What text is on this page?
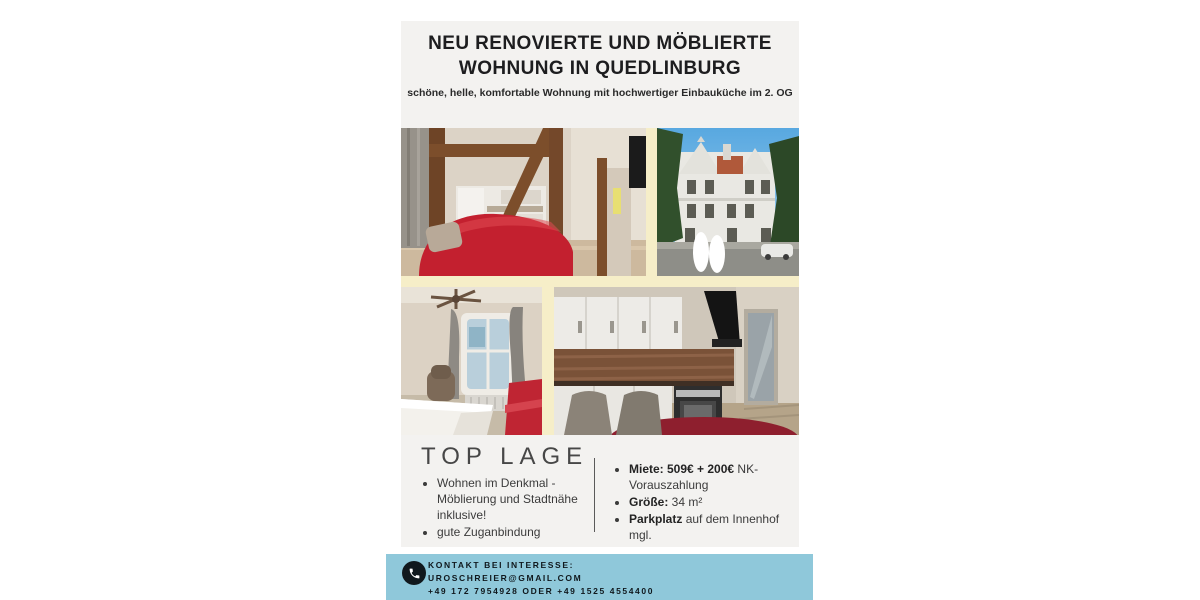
NEU RENOVIERTE UND MÖBLIERTE WOHNUNG IN QUEDLINBURG
schöne, helle, komfortable Wohnung mit hochwertiger Einbauküche im 2. OG
TOP LAGE
• Wohnen im Denkmal - Möblierung und Stadtnähe inklusive!
• gute Zuganbindung
• Miete: 509€ + 200€ NK-Vorauszahlung
• Größe: 34 m²
• Parkplatz auf dem Innenhof mgl.
KONTAKT BEI INTERESSE:
UROSCHREIER@GMAIL.COM
+49 172 7954928 ODER +49 1525 4554400
